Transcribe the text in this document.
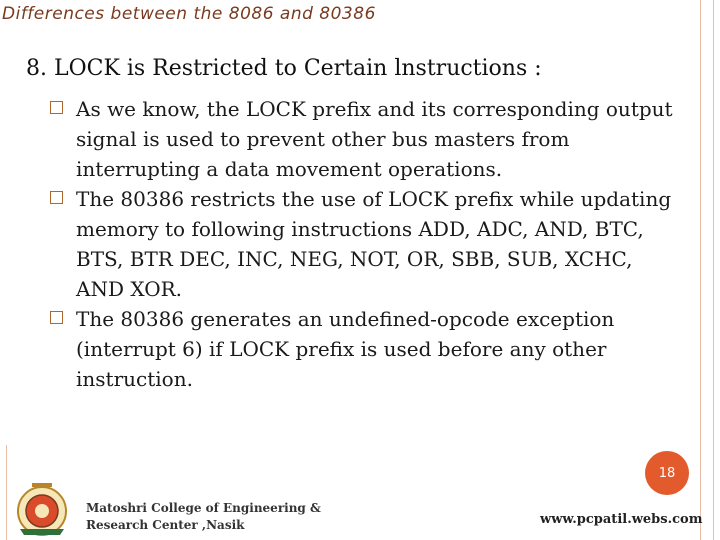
Differences between the 8086 and 80386
8. LOCK is Restricted to Certain lnstructions :

As we know, the LOCK prefix and its corresponding output signal is used to prevent other bus masters from interrupting a data movement operations.

The 80386 restricts the use of LOCK prefix while updating memory to following instructions ADD, ADC, AND, BTC, BTS, BTR DEC, INC, NEG, NOT, OR, SBB, SUB, XCHC, AND XOR.

The 80386 generates an undefined-opcode exception (interrupt 6) if LOCK prefix is used before any other instruction.

18
Matoshri College of Engineering &
Research Center ,Nasik	www.pcpatil.webs.com
